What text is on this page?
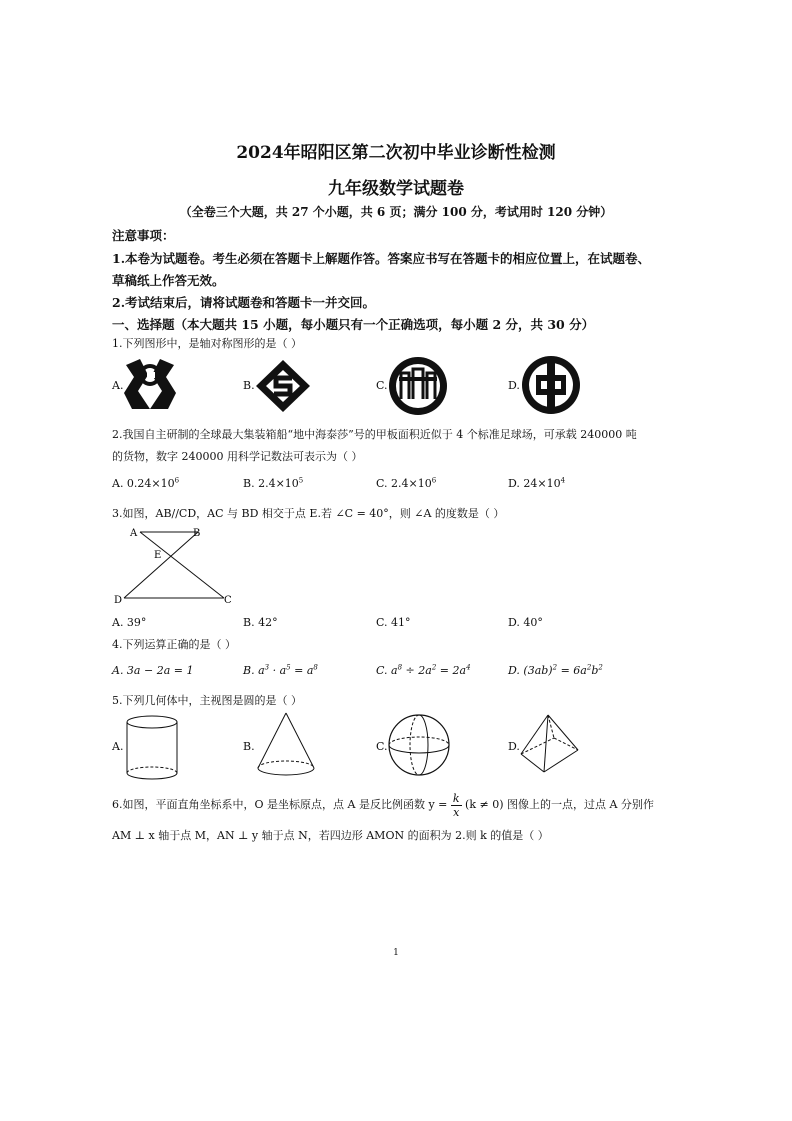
2024年昭阳区第二次初中毕业诊断性检测
九年级数学试题卷
（全卷三个大题，共 27 个小题，共 6 页；满分 100 分，考试用时 120 分钟）
注意事项：
1.本卷为试题卷。考生必须在答题卡上解题作答。答案应书写在答题卡的相应位置上，在试题卷、
草稿纸上作答无效。
2.考试结束后，请将试题卷和答题卡一并交回。
一、选择题（本大题共 15 小题，每小题只有一个正确选项，每小题 2 分，共 30 分）
1.下列图形中，是轴对称图形的是（ ）
A.	B.	C.	D.
2.我国自主研制的全球最大集装箱船“地中海泰莎”号的甲板面积近似于 4 个标准足球场，可承载 240000 吨
的货物，数字 240000 用科学记数法可表示为（ ）
A. $0.24\times 10^6$	B. $2.4\times 10^5$	C. $2.4\times 10^6$	D. $24\times 10^4$
3.如图，AB//CD，AC 与 BD 相交于点 E.若 ∠C = 40°，则 ∠A 的度数是（ ）
A	B
E
D	C
A. 39°	B. 42°	C. 41°	D. 40°
4.下列运算正确的是（ ）
A. 3a − 2a = 1	B. $a^3 \cdot a^5 = a^8$	C. $a^8 \div 2a^2 = 2a^4$	D. $(3ab)^2 = 6a^2b^2$
5.下列几何体中，主视图是圆的是（ ）
A.	B.	C.	D.
6.如图，平面直角坐标系中，O 是坐标原点，点 A 是反比例函数 $y = \frac{k}{x} (k \ne 0)$ 图像上的一点，过点 A 分别作
AM ⊥ x 轴于点 M，AN ⊥ y 轴于点 N，若四边形 AMON 的面积为 2.则 k 的值是（ ）
1
